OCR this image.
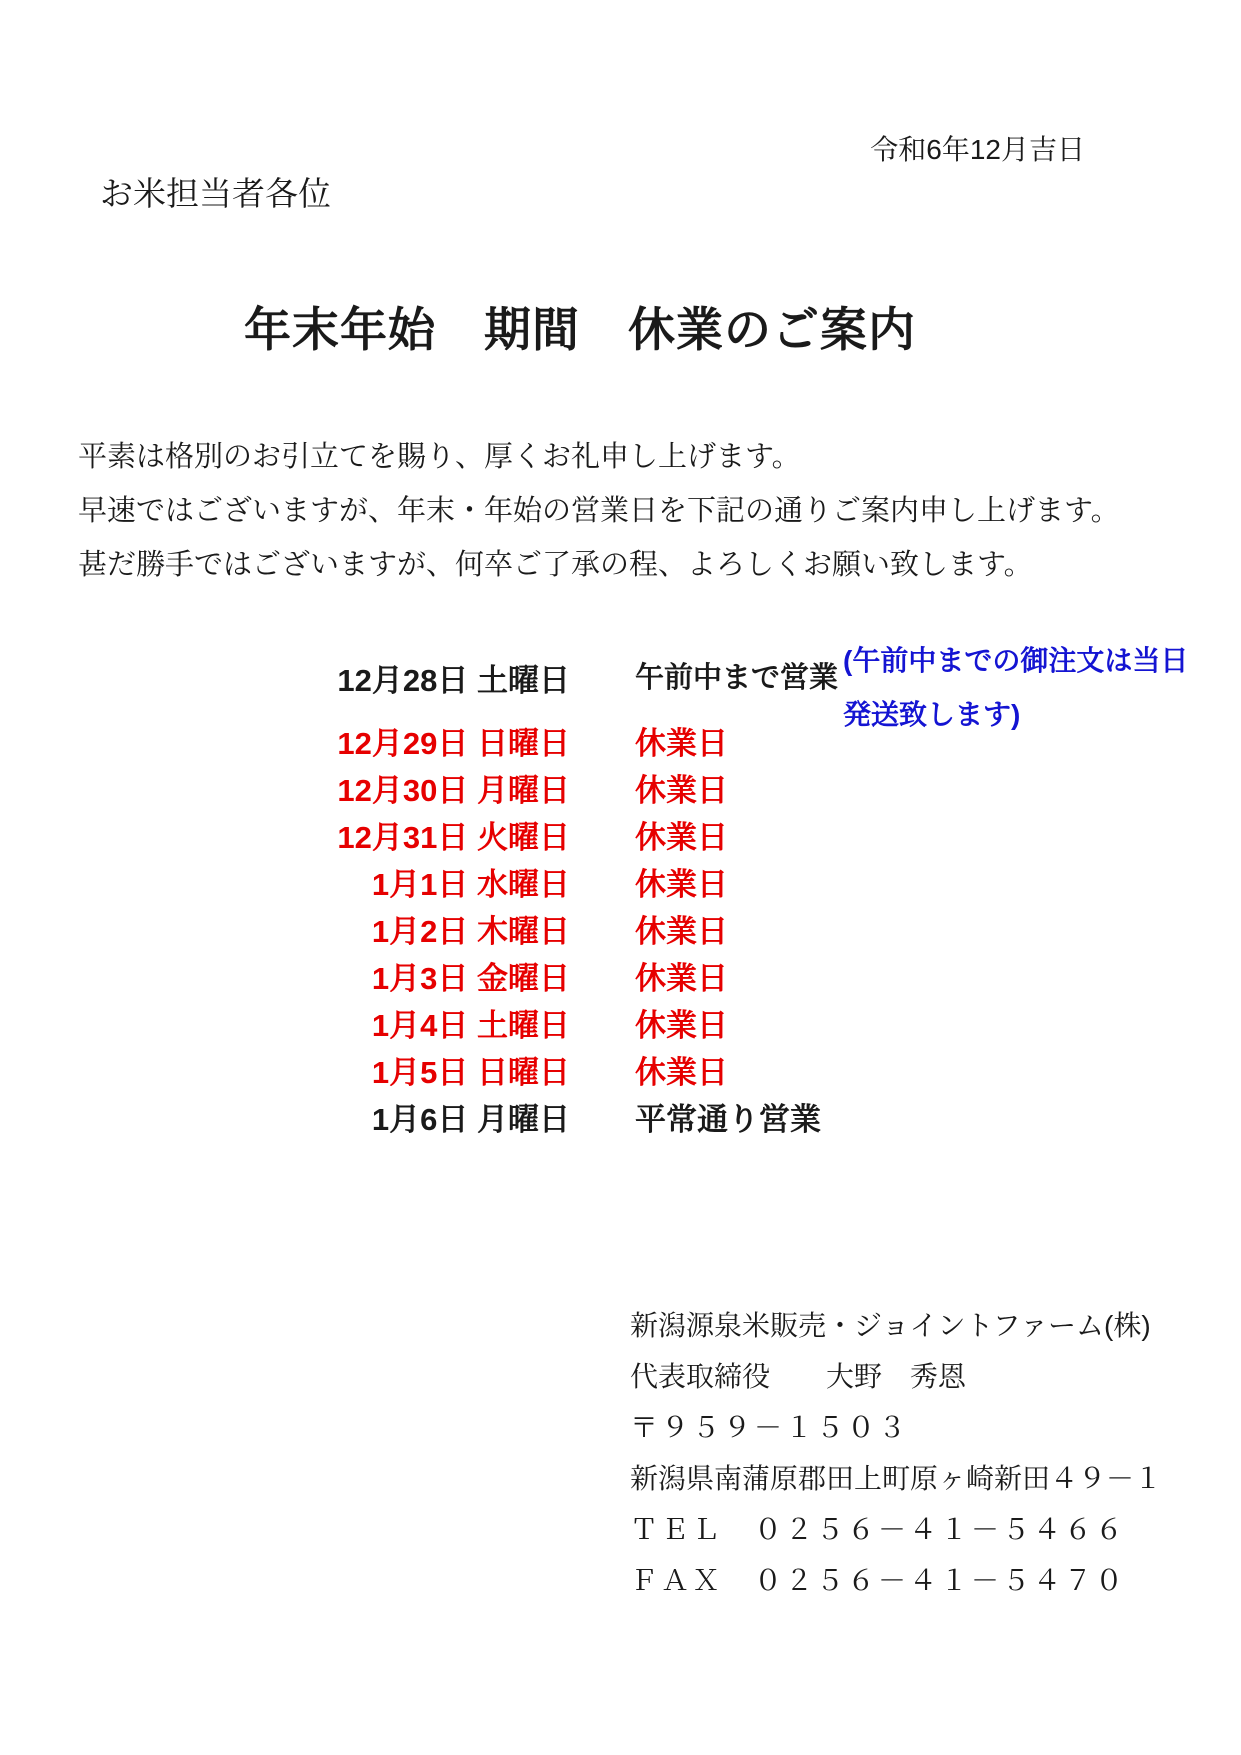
令和6年12月吉日
お米担当者各位
年末年始　期間　休業のご案内
平素は格別のお引立てを賜り、厚くお礼申し上げます。
早速ではございますが、年末・年始の営業日を下記の通りご案内申し上げます。
甚だ勝手ではございますが、何卒ご了承の程、よろしくお願い致します。
12月28日 土曜日 午前中まで営業
12月29日 日曜日 休業日
12月30日 月曜日 休業日
12月31日 火曜日 休業日
1月1日 水曜日 休業日
1月2日 木曜日 休業日
1月3日 金曜日 休業日
1月4日 土曜日 休業日
1月5日 日曜日 休業日
1月6日 月曜日 平常通り営業
(午前中までの御注文は当日
発送致します)
新潟源泉米販売・ジョイントファーム(株)
代表取締役　　大野　秀恩
〒９５９－１５０３
新潟県南蒲原郡田上町原ヶ崎新田４９－１
ＴＥＬ　０２５６－４１－５４６６
ＦＡＸ　０２５６－４１－５４７０
